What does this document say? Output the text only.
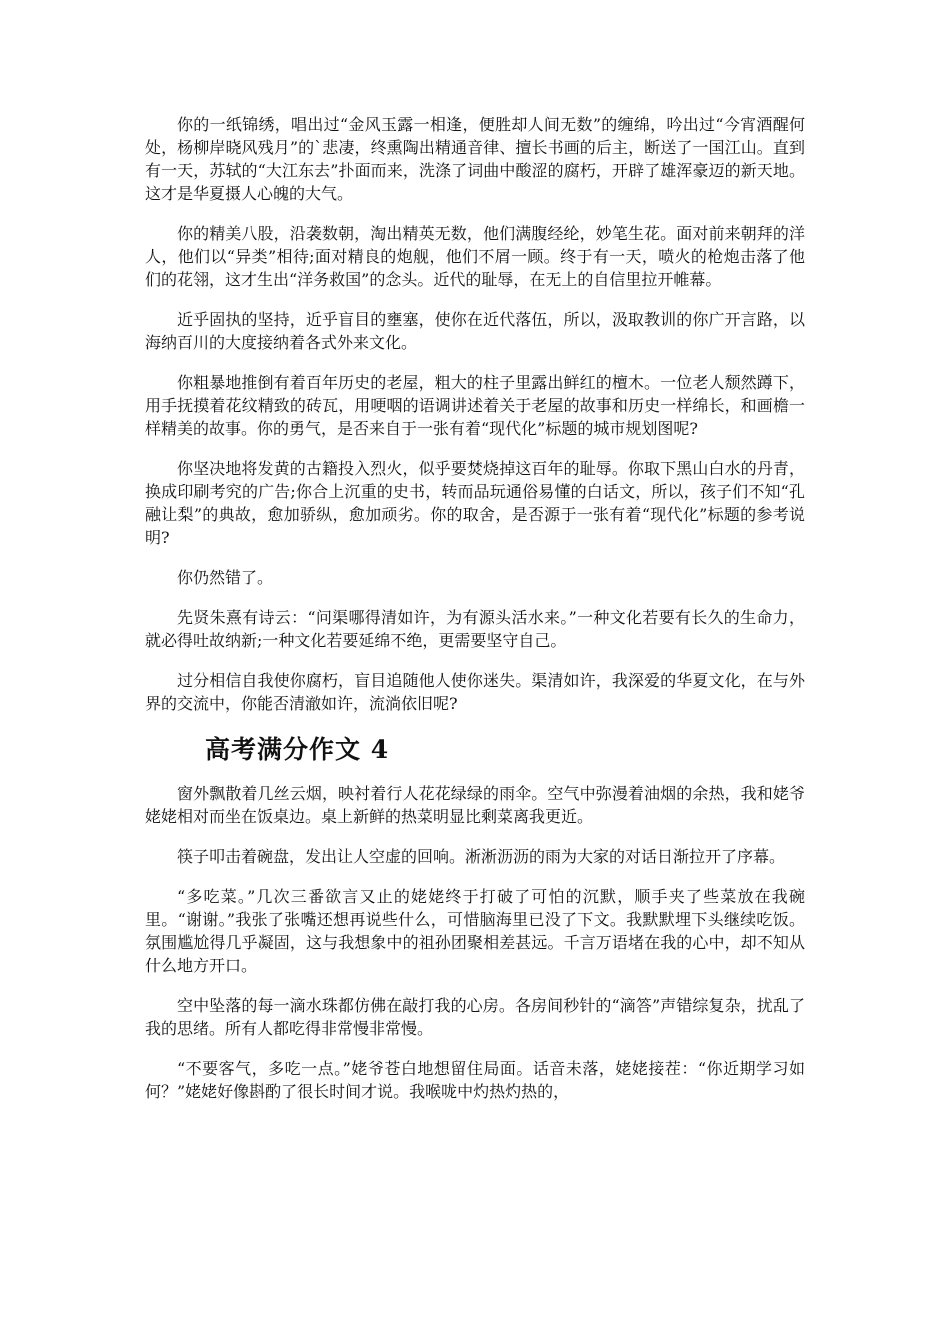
你的一纸锦绣，唱出过“金风玉露一相逢，便胜却人间无数”的缠绵，吟出过“今宵酒醒何处，杨柳岸晓风残月”的`悲凄，终熏陶出精通音律、擅长书画的后主，断送了一国江山。直到有一天，苏轼的“大江东去”扑面而来，洗涤了词曲中酸涩的腐朽，开辟了雄浑豪迈的新天地。这才是华夏摄人心魄的大气。

你的精美八股，沿袭数朝，淘出精英无数，他们满腹经纶，妙笔生花。面对前来朝拜的洋人，他们以“异类”相待;面对精良的炮舰，他们不屑一顾。终于有一天，喷火的枪炮击落了他们的花翎，这才生出“洋务救国”的念头。近代的耻辱，在无上的自信里拉开帷幕。

近乎固执的坚持，近乎盲目的壅塞，使你在近代落伍，所以，汲取教训的你广开言路，以海纳百川的大度接纳着各式外来文化。

你粗暴地推倒有着百年历史的老屋，粗大的柱子里露出鲜红的檀木。一位老人颓然蹲下，用手抚摸着花纹精致的砖瓦，用哽咽的语调讲述着关于老屋的故事和历史一样绵长，和画檐一样精美的故事。你的勇气，是否来自于一张有着“现代化”标题的城市规划图呢?

你坚决地将发黄的古籍投入烈火，似乎要焚烧掉这百年的耻辱。你取下黑山白水的丹青，换成印刷考究的广告;你合上沉重的史书，转而品玩通俗易懂的白话文，所以，孩子们不知“孔融让梨”的典故，愈加骄纵，愈加顽劣。你的取舍，是否源于一张有着“现代化”标题的参考说明?

你仍然错了。

先贤朱熹有诗云：“问渠哪得清如许，为有源头活水来。”一种文化若要有长久的生命力，就必得吐故纳新;一种文化若要延绵不绝，更需要坚守自己。

过分相信自我使你腐朽，盲目追随他人使你迷失。渠清如许，我深爱的华夏文化，在与外界的交流中，你能否清澈如许，流淌依旧呢?

高考满分作文 4

窗外飘散着几丝云烟，映衬着行人花花绿绿的雨伞。空气中弥漫着油烟的余热，我和姥爷姥姥相对而坐在饭桌边。桌上新鲜的热菜明显比剩菜离我更近。

筷子叩击着碗盘，发出让人空虚的回响。淅淅沥沥的雨为大家的对话日渐拉开了序幕。

“多吃菜。”几次三番欲言又止的姥姥终于打破了可怕的沉默，顺手夹了些菜放在我碗里。“谢谢。”我张了张嘴还想再说些什么，可惜脑海里已没了下文。我默默埋下头继续吃饭。氛围尴尬得几乎凝固，这与我想象中的祖孙团聚相差甚远。千言万语堵在我的心中，却不知从什么地方开口。

空中坠落的每一滴水珠都仿佛在敲打我的心房。各房间秒针的“滴答”声错综复杂，扰乱了我的思绪。所有人都吃得非常慢非常慢。

“不要客气，多吃一点。”姥爷苍白地想留住局面。话音未落，姥姥接茬：“你近期学习如何？”姥姥好像斟酌了很长时间才说。我喉咙中灼热灼热的，
